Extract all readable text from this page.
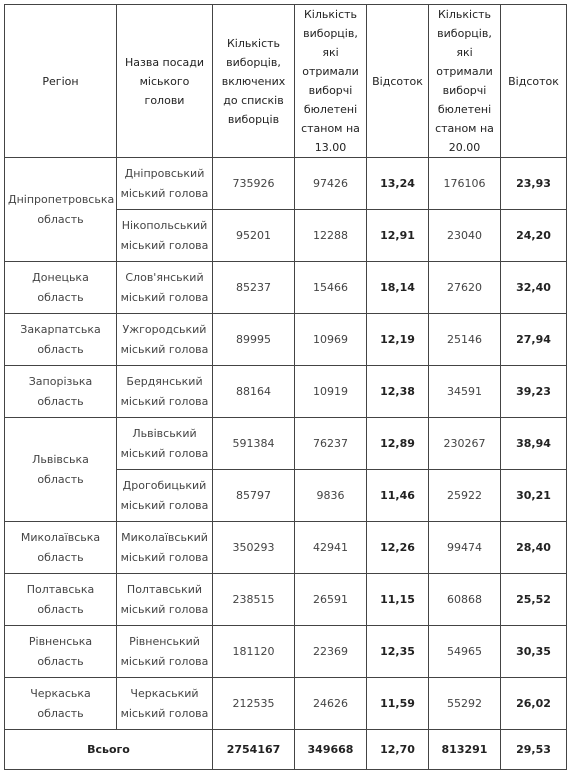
Регіон	Назва посади міського голови	Кількість виборців, включених до списків виборців	Кількість виборців, які отримали виборчі бюлетені станом на 13.00	Відсоток	Кількість виборців, які отримали виборчі бюлетені станом на 20.00	Відсоток
Дніпропетровська область	Дніпровський міський голова	735926	97426	13,24	176106	23,93
	Нікопольський міський голова	95201	12288	12,91	23040	24,20
Донецька область	Слов'янський міський голова	85237	15466	18,14	27620	32,40
Закарпатська область	Ужгородський міський голова	89995	10969	12,19	25146	27,94
Запорізька область	Бердянський міський голова	88164	10919	12,38	34591	39,23
Львівська область	Львівський міський голова	591384	76237	12,89	230267	38,94
	Дрогобицький міський голова	85797	9836	11,46	25922	30,21
Миколаївська область	Миколаївський міський голова	350293	42941	12,26	99474	28,40
Полтавська область	Полтавський міський голова	238515	26591	11,15	60868	25,52
Рівненська область	Рівненський міський голова	181120	22369	12,35	54965	30,35
Черкаська область	Черкаський міський голова	212535	24626	11,59	55292	26,02
Всього		2754167	349668	12,70	813291	29,53
